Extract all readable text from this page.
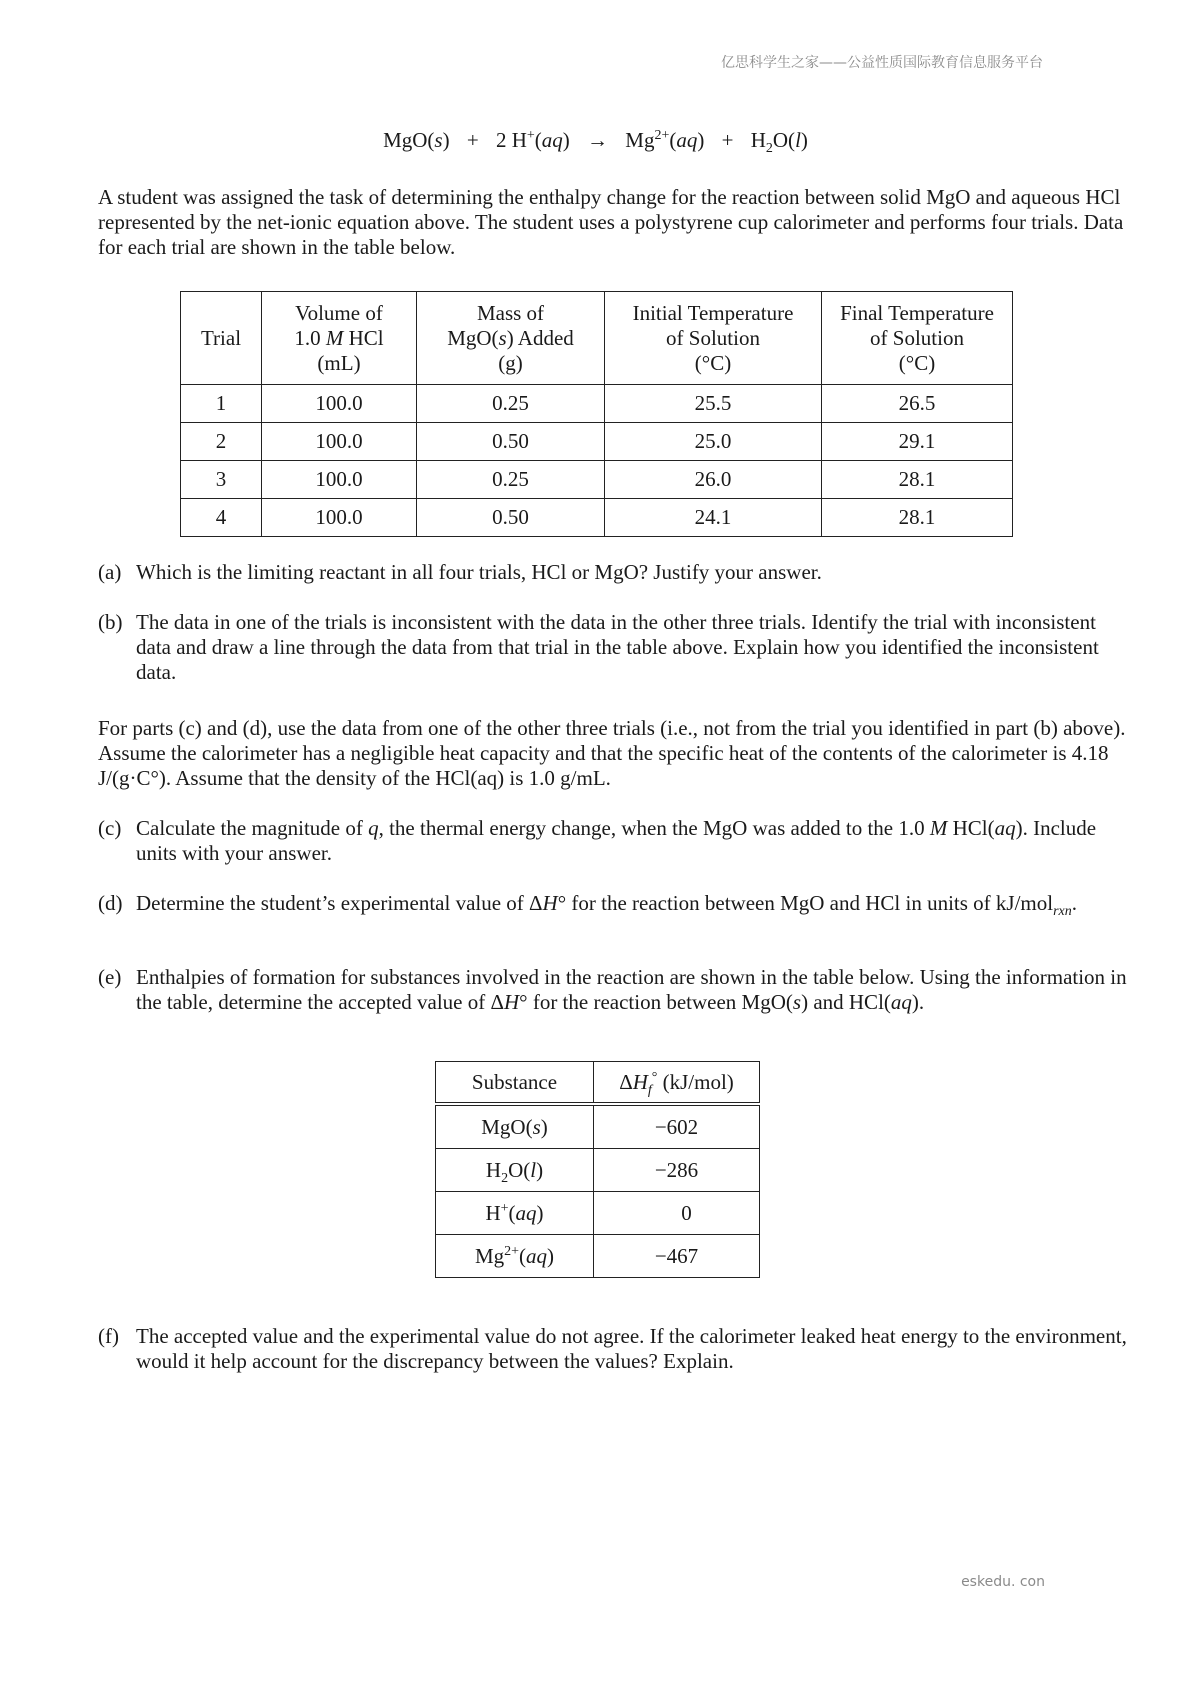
亿思科学生之家——公益性质国际教育信息服务平台
MgO(s) + 2 $H^+(aq) \to Mg^{2+}(aq) + H_2O(l)$

A student was assigned the task of determining the enthalpy change for the reaction between solid MgO and aqueous HCl represented by the net-ionic equation above. The student uses a polystyrene cup calorimeter and performs four trials. Data for each trial are shown in the table below.

Trial	Volume of
1.0 M HCl
(mL)	Mass of
MgO(s) Added
(g)	Initial Temperature
of Solution
(°C)	Final Temperature
of Solution
(°C)
1	100.0	0.25	25.5	26.5
2	100.0	0.50	25.0	29.1
3	100.0	0.25	26.0	28.1
4	100.0	0.50	24.1	28.1
(a) Which is the limiting reactant in all four trials, HCl or MgO? Justify your answer.
(b) The data in one of the trials is inconsistent with the data in the other three trials. Identify the trial with inconsistent data and draw a line through the data from that trial in the table above. Explain how you identified the inconsistent data.

For parts (c) and (d), use the data from one of the other three trials (i.e., not from the trial you identified in part (b) above). Assume the calorimeter has a negligible heat capacity and that the specific heat of the contents of the calorimeter is 4.18 J/(g·C°). Assume that the density of the HCl(aq) is 1.0 g/mL.

(c) Calculate the magnitude of q, the thermal energy change, when the MgO was added to the 1.0 M HCl(aq). Include units with your answer.
(d) Determine the student’s experimental value of ΔH° for the reaction between MgO and HCl in units of kJ/mol$_{rxn}$.
(e) Enthalpies of formation for substances involved in the reaction are shown in the table below. Using the information in the table, determine the accepted value of ΔH° for the reaction between MgO(s) and HCl(aq).
Substance	$\Delta H_f^\circ$ (kJ/mol)
MgO(s)	−602
$H_2O(l)$	−286
H+(aq)	0
$Mg^{2+}(aq)$	−467
(f) The accepted value and the experimental value do not agree. If the calorimeter leaked heat energy to the environment, would it help account for the discrepancy between the values? Explain.
eskedu. con
